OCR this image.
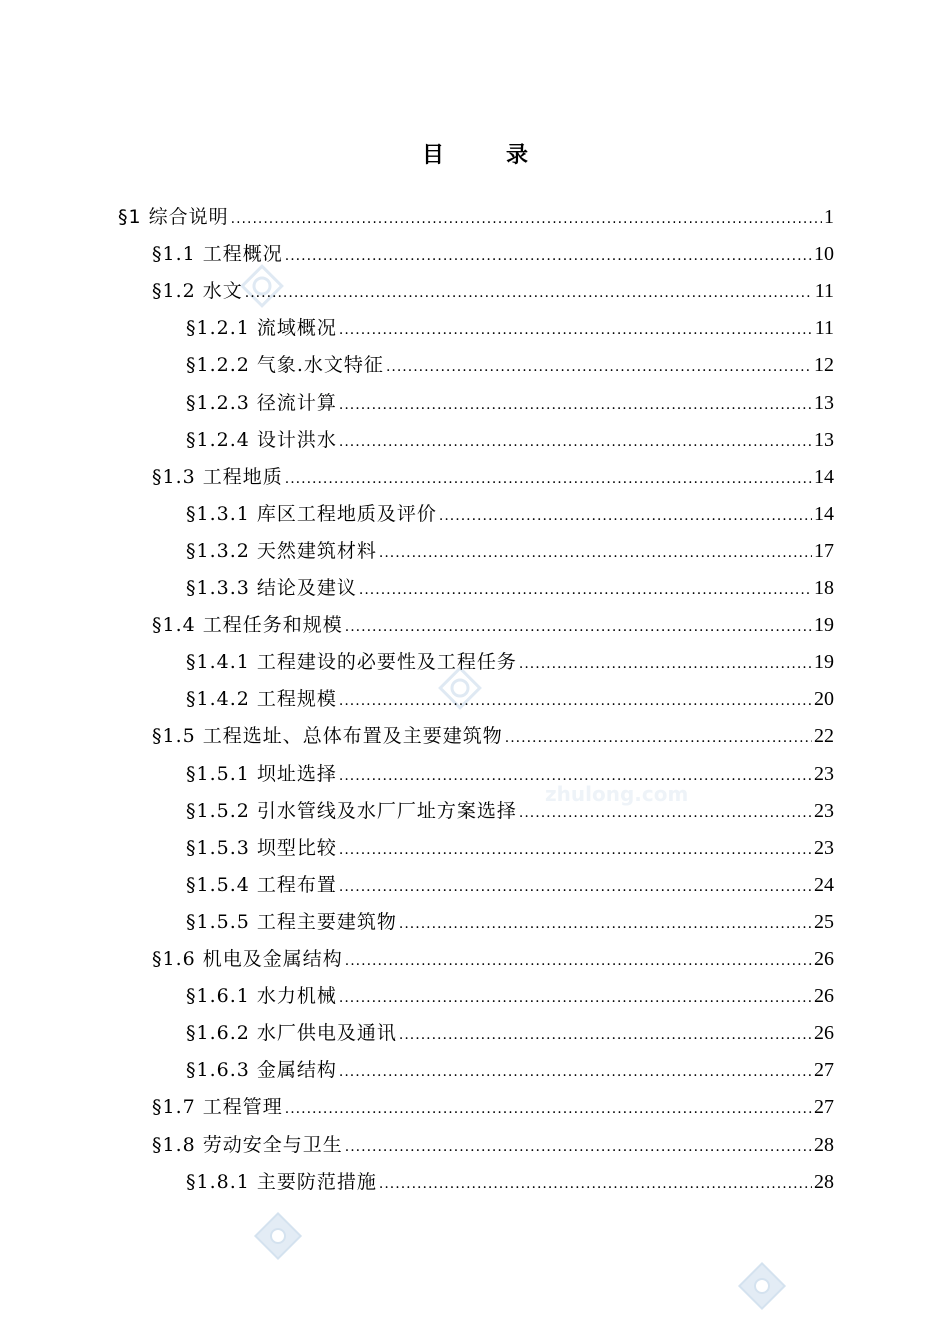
zhulong.com
目	录
§1 综合说明 .....	1
§1.1 工程概况 .....	10
§1.2 水文 .....	11
§1.2.1 流域概况 .....	11
§1.2.2 气象.水文特征 .....	12
§1.2.3 径流计算 .....	13
§1.2.4 设计洪水 .....	13
§1.3 工程地质 .....	14
§1.3.1 库区工程地质及评价 .....	14
§1.3.2 天然建筑材料 .....	17
§1.3.3 结论及建议 .....	18
§1.4 工程任务和规模 .....	19
§1.4.1 工程建设的必要性及工程任务 .....	19
§1.4.2 工程规模 .....	20
§1.5 工程选址、总体布置及主要建筑物 .....	22
§1.5.1 坝址选择 .....	23
§1.5.2 引水管线及水厂厂址方案选择 .....	23
§1.5.3 坝型比较 .....	23
§1.5.4 工程布置 .....	24
§1.5.5 工程主要建筑物 .....	25
§1.6 机电及金属结构 .....	26
§1.6.1 水力机械 .....	26
§1.6.2 水厂供电及通讯 .....	26
§1.6.3 金属结构 .....	27
§1.7 工程管理 .....	27
§1.8 劳动安全与卫生 .....	28
§1.8.1 主要防范措施 .....	28
